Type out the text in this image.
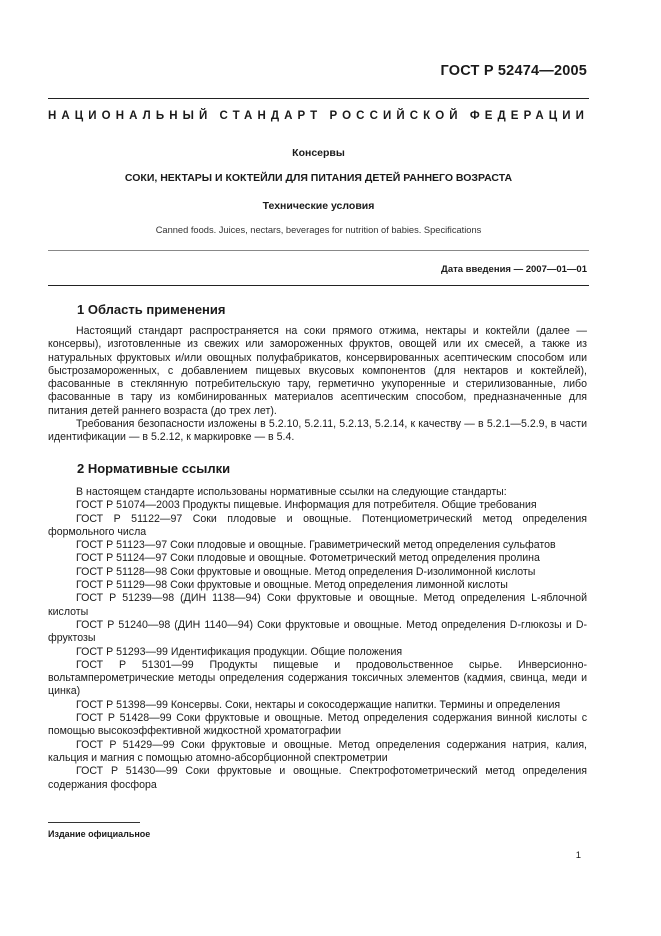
ГОСТ Р 52474—2005
НАЦИОНАЛЬНЫЙ СТАНДАРТ РОССИЙСКОЙ ФЕДЕРАЦИИ
Консервы
СОКИ, НЕКТАРЫ И КОКТЕЙЛИ ДЛЯ ПИТАНИЯ ДЕТЕЙ РАННЕГО ВОЗРАСТА
Технические условия
Canned foods. Juices, nectars, beverages for nutrition of babies. Specifications
Дата введения — 2007—01—01
1 Область применения

Настоящий стандарт распространяется на соки прямого отжима, нектары и коктейли (далее — консервы), изготовленные из свежих или замороженных фруктов, овощей или их смесей, а также из натуральных фруктовых и/или овощных полуфабрикатов, консервированных асептическим способом или быстрозамороженных, с добавлением пищевых вкусовых компонентов (для нектаров и коктейлей), фасованные в стеклянную потребительскую тару, герметично укупоренные и стерилизованные, либо фасованные в тару из комбинированных материалов асептическим способом, предназначенные для питания детей раннего возраста (до трех лет).

Требования безопасности изложены в 5.2.10, 5.2.11, 5.2.13, 5.2.14, к качеству — в 5.2.1—5.2.9, в части идентификации — в 5.2.12, к маркировке — в 5.4.

2 Нормативные ссылки

В настоящем стандарте использованы нормативные ссылки на следующие стандарты:

ГОСТ Р 51074—2003 Продукты пищевые. Информация для потребителя. Общие требования

ГОСТ Р 51122—97 Соки плодовые и овощные. Потенциометрический метод определения формольного числа

ГОСТ Р 51123—97 Соки плодовые и овощные. Гравиметрический метод определения сульфатов

ГОСТ Р 51124—97 Соки плодовые и овощные. Фотометрический метод определения пролина

ГОСТ Р 51128—98 Соки фруктовые и овощные. Метод определения D-изолимонной кислоты

ГОСТ Р 51129—98 Соки фруктовые и овощные. Метод определения лимонной кислоты

ГОСТ Р 51239—98 (ДИН 1138—94) Соки фруктовые и овощные. Метод определения L-яблочной кислоты

ГОСТ Р 51240—98 (ДИН 1140—94) Соки фруктовые и овощные. Метод определения D-глюкозы и D-фруктозы

ГОСТ Р 51293—99 Идентификация продукции. Общие положения

ГОСТ Р 51301—99 Продукты пищевые и продовольственное сырье. Инверсионно-вольтамперометрические методы определения содержания токсичных элементов (кадмия, свинца, меди и цинка)

ГОСТ Р 51398—99 Консервы. Соки, нектары и сокосодержащие напитки. Термины и определения

ГОСТ Р 51428—99 Соки фруктовые и овощные. Метод определения содержания винной кислоты с помощью высокоэффективной жидкостной хроматографии

ГОСТ Р 51429—99 Соки фруктовые и овощные. Метод определения содержания натрия, калия, кальция и магния с помощью атомно-абсорбционной спектрометрии

ГОСТ Р 51430—99 Соки фруктовые и овощные. Спектрофотометрический метод определения содержания фосфора

Издание официальное
1
